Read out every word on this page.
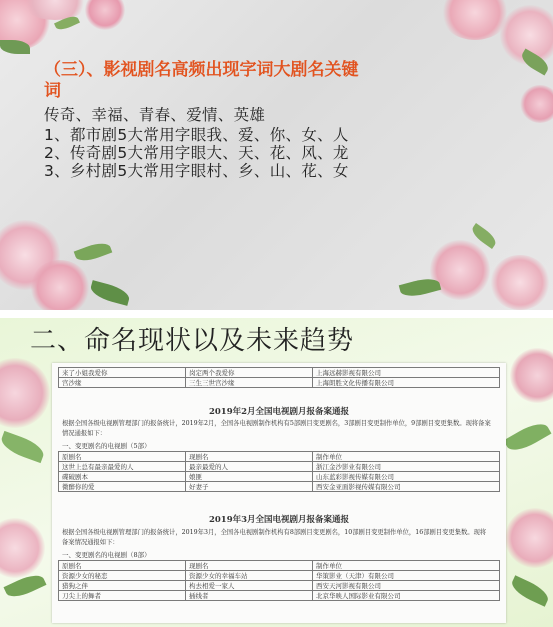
（三）、影视剧名高频出现字词大剧名关键词
传奇、幸福、青春、爱情、英雄
1、都市剧5大常用字眼我、爱、你、女、人
2、传奇剧5大常用字眼大、天、花、风、龙
3、乡村剧5大常用字眼村、乡、山、花、女
二、命名现状以及未来趋势
来了小姐我爱你	岗定两个我爱你	上海远赫影视有限公司
宫沙缘	三生三世宫沙缘	上海朗胜文化传播有限公司
2019年2月全国电视剧月报备案通报
根据全国各级电视剧管理部门的报备统计，2019年2月，全国各电视剧制作机构有5部剧目变更剧名，3部剧目变更制作单位，9部剧目变更集数。现将备案情况通报如下：
一、变更剧名的电视剧（5部）
原剧名	现剧名	制作单位
这世上总有最亲最爱的人	最亲最爱的人	浙江金沙影业有限公司
碟破剧本	娘匪	山东蓝彩影视传媒有限公司
微醉你的爱	好妻子	西安金亚面影视传媒有限公司
2019年3月全国电视剧月报备案通报
根据全国各级电视剧管理部门的报备统计，2019年3月，全国各电视剧制作机构有8部剧目变更剧名，10部剧目变更制作单位，16部剧目变更集数。现将备案情况通报如下：
一、变更剧名的电视剧（8部）
原剧名	现剧名	制作单位
资源少女的秘恋	资源少女的幸福车站	华策影业（天津）有限公司
猎狗之伴	构去相爱一家人	西安天河影视有限公司
刀尖上的舞者	插线者	北京华映人国际影业有限公司
